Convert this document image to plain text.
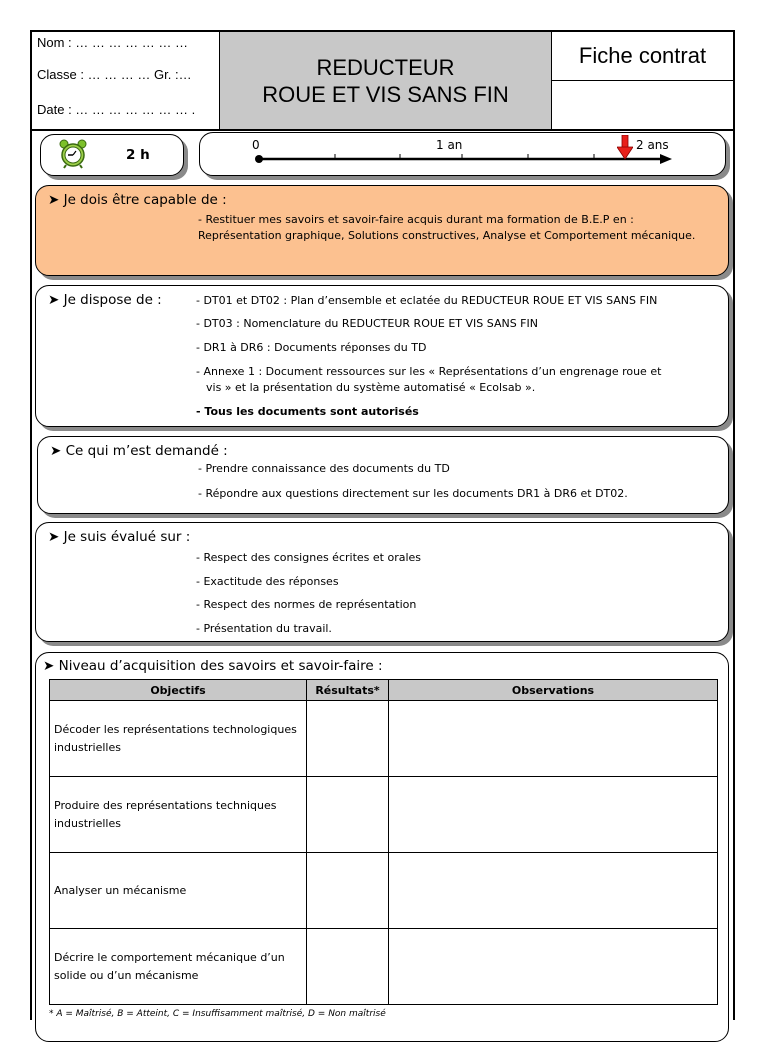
Nom : … … … … … … …
Classe : … … … … Gr. :…
Date : … … … … … … … .
REDUCTEUR
ROUE ET VIS SANS FIN
Fiche contrat
2 h
0	1 an	2 ans
➤ Je dois être capable de :
- Restituer mes savoirs et savoir-faire acquis durant ma formation de B.E.P en : Représentation graphique, Solutions constructives, Analyse et Comportement mécanique.
➤ Je dispose de :	- DT01 et DT02 : Plan d’ensemble et eclatée du REDUCTEUR ROUE ET VIS SANS FIN
- DT03 : Nomenclature du REDUCTEUR ROUE ET VIS SANS FIN
- DR1 à DR6 : Documents réponses du TD
- Annexe 1 : Document ressources sur les « Représentations d’un engrenage roue et
vis » et la présentation du système automatisé « Ecolsab ».
- Tous les documents sont autorisés
➤ Ce qui m’est demandé :
- Prendre connaissance des documents du TD
- Répondre aux questions directement sur les documents DR1 à DR6 et DT02.
➤ Je suis évalué sur :
- Respect des consignes écrites et orales
- Exactitude des réponses
- Respect des normes de représentation
- Présentation du travail.
➤ Niveau d’acquisition des savoirs et savoir-faire :
Objectifs	Résultats*	Observations
Décoder les représentations technologiques industrielles		
Produire des représentations techniques industrielles		
Analyser un mécanisme		
Décrire le comportement mécanique d’un solide ou d’un mécanisme		
* A = Maîtrisé, B = Atteint, C = Insuffisamment maîtrisé, D = Non maîtrisé
